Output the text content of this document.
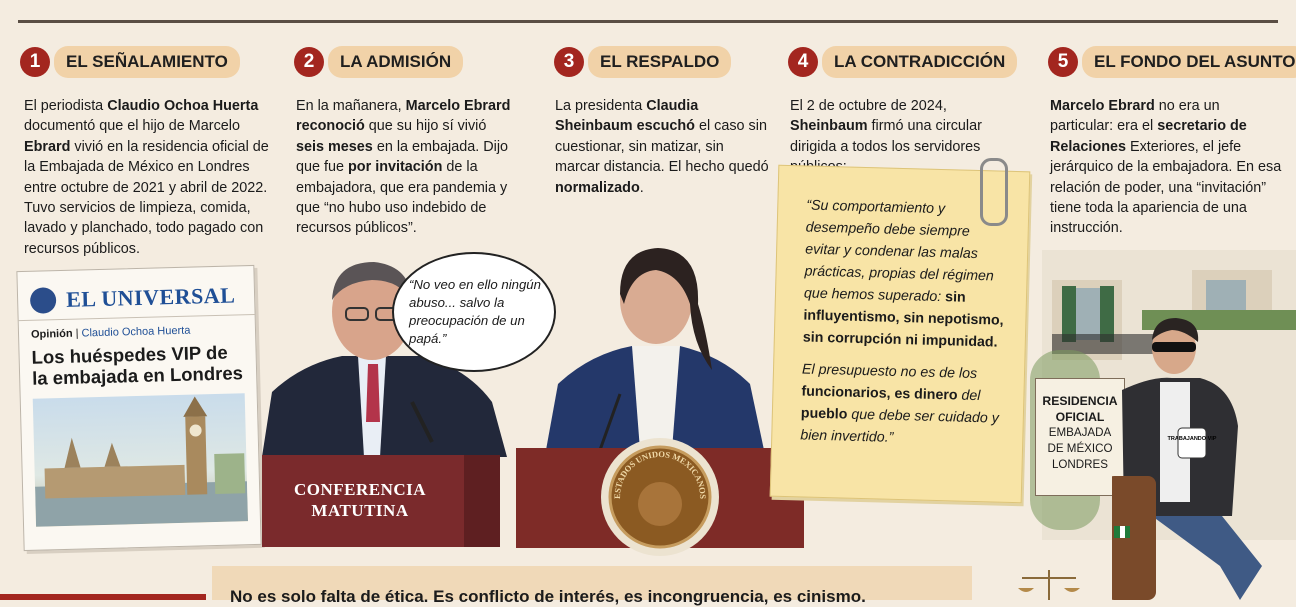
1	EL SEÑALAMIENTO
El periodista Claudio Ochoa Huerta documentó que el hijo de Marcelo Ebrard vivió en la residencia oficial de la Embajada de México en Londres entre octubre de 2021 y abril de 2022. Tuvo servicios de limpieza, comida, lavado y planchado, todo pagado con recursos públicos.
2	LA ADMISIÓN
En la mañanera, Marcelo Ebrard reconoció que su hijo sí vivió seis meses en la embajada. Dijo que fue por invitación de la embajadora, que era pandemia y que “no hubo uso indebido de recursos públicos”.
3	EL RESPALDO
La presidenta Claudia Sheinbaum escuchó el caso sin cuestionar, sin matizar, sin marcar distancia. El hecho quedó normalizado.
4	LA CONTRADICCIÓN
El 2 de octubre de 2024, Sheinbaum firmó una circular dirigida a todos los servidores
5	EL FONDO DEL ASUNTO
Marcelo Ebrard no era un particular: era el secretario de Relaciones Exteriores, el jefe jerárquico de la embajadora. En esa relación de poder, una “invitación” tiene toda la apariencia de una instrucción.
EL UNIVERSAL
Opinión | Claudio Ochoa Huerta
Los huéspedes VIP de la embajada en Londres
“No veo en ello ningún abuso... salvo la preocupación de un papá.”
CONFERENCIA MATUTINA
ESTADOS UNIDOS MEXICANOS

“Su comportamiento y desempeño debe siempre evitar y condenar las malas prácticas, propias del régimen que hemos superado: sin influyentismo, sin nepotismo, sin corrupción ni impunidad.

El presupuesto no es de los funcionarios, es dinero del pueblo que debe ser cuidado y bien invertido.”

RESIDENCIA OFICIAL
EMBAJADA
DE MÉXICO
LONDRES
TRABAJANDO VIP
No es solo falta de ética. Es conflicto de interés, es incongruencia, es cinismo.
